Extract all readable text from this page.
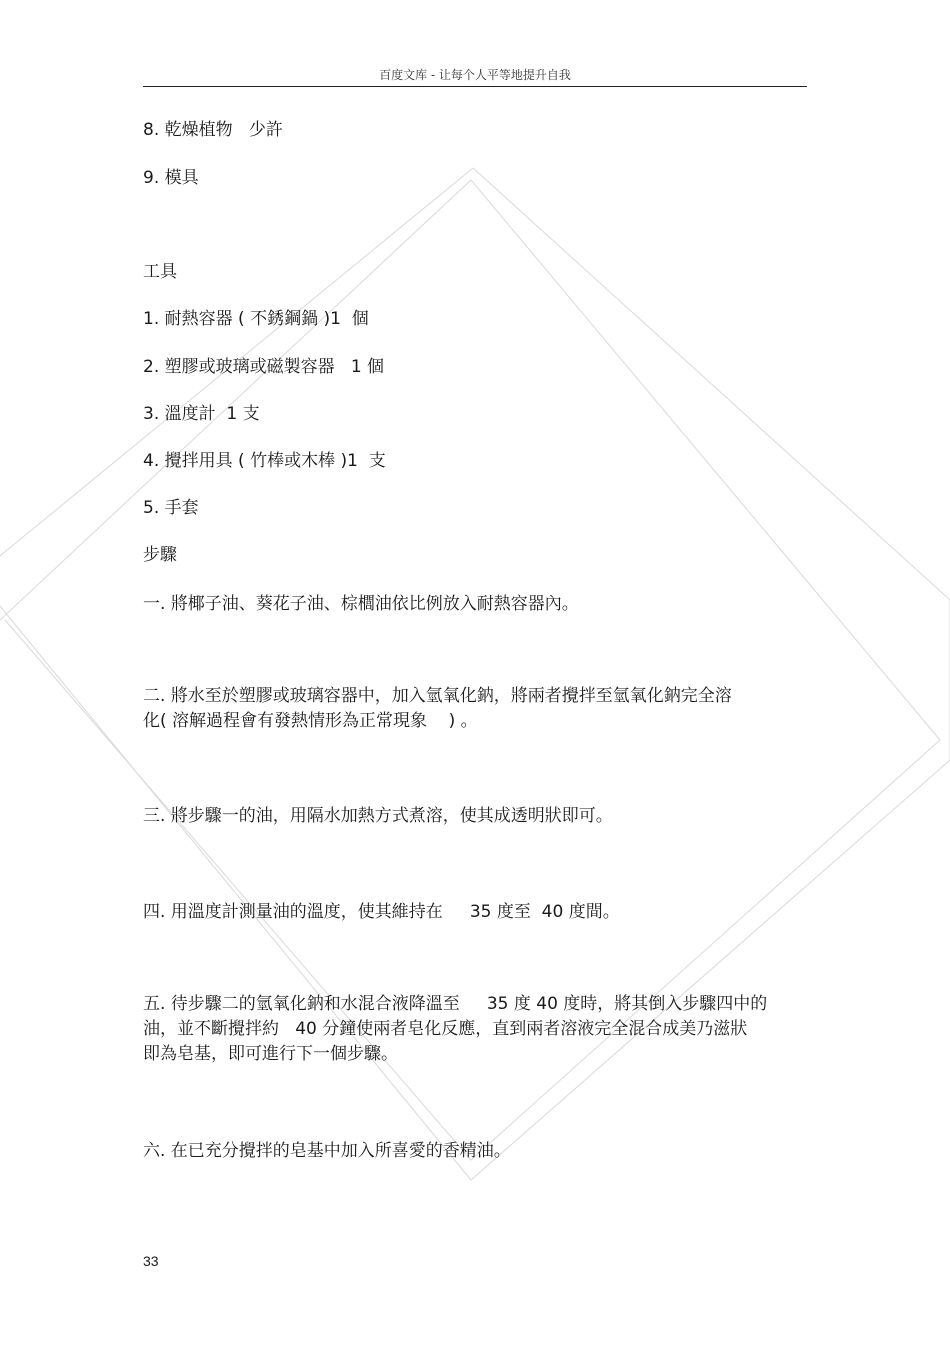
百度文库 - 让每个人平等地提升自我
8. 乾燥植物   少許
9. 模具
工具
1. 耐熱容器 ( 不銹鋼鍋 )1  個
2. 塑膠或玻璃或磁製容器   1 個
3. 溫度計  1 支
4. 攪拌用具 ( 竹棒或木棒 )1  支
5. 手套
步驟
一. 將椰子油、葵花子油、棕櫚油依比例放入耐熱容器內。
二. 將水至於塑膠或玻璃容器中，加入氫氧化鈉，將兩者攪拌至氫氧化鈉完全溶
化( 溶解過程會有發熱情形為正常現象    ) 。
三. 將步驟一的油，用隔水加熱方式煮溶，使其成透明狀即可。
四. 用溫度計測量油的溫度，使其維持在     35 度至  40 度間。
五. 待步驟二的氫氧化鈉和水混合液降溫至     35 度 40 度時，將其倒入步驟四中的
油，並不斷攪拌約   40 分鐘使兩者皂化反應，直到兩者溶液完全混合成美乃滋狀
即為皂基，即可進行下一個步驟。
六. 在已充分攪拌的皂基中加入所喜愛的香精油。
33
